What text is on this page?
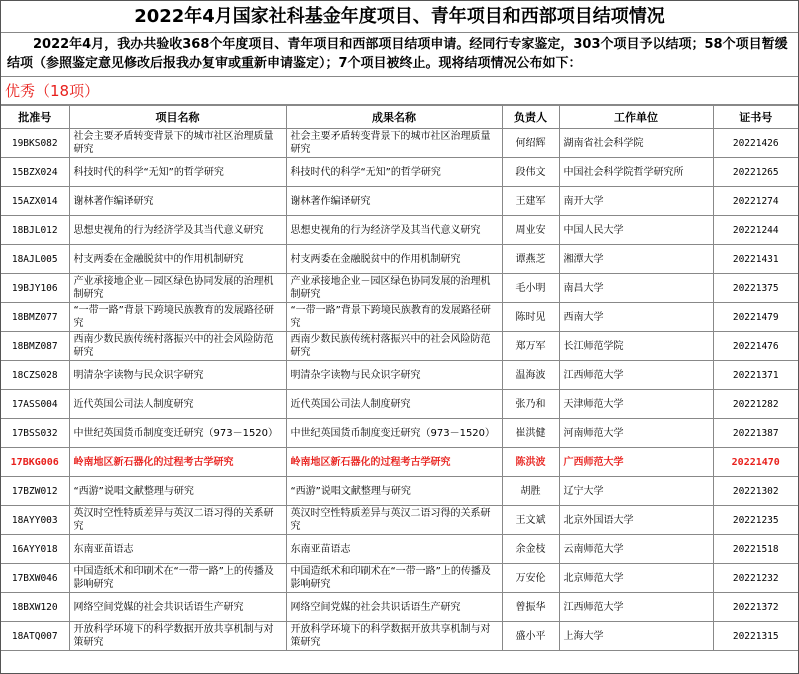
2022年4月国家社科基金年度项目、青年项目和西部项目结项情况
2022年4月，我办共验收368个年度项目、青年项目和西部项目结项申请。经同行专家鉴定，303个项目予以结项；58个项目暂缓结项（参照鉴定意见修改后报我办复审或重新申请鉴定）；7个项目被终止。现将结项情况公布如下：
优秀（18项）
批准号	项目名称	成果名称	负责人	工作单位	证书号
19BKS082	社会主要矛盾转变背景下的城市社区治理质量研究	社会主要矛盾转变背景下的城市社区治理质量研究	何绍辉	湖南省社会科学院	20221426
15BZX024	科技时代的科学“无知”的哲学研究	科技时代的科学“无知”的哲学研究	段伟文	中国社会科学院哲学研究所	20221265
15AZX014	谢林著作编译研究	谢林著作编译研究	王建军	南开大学	20221274
18BJL012	思想史视角的行为经济学及其当代意义研究	思想史视角的行为经济学及其当代意义研究	周业安	中国人民大学	20221244
18AJL005	村支两委在金融脱贫中的作用机制研究	村支两委在金融脱贫中的作用机制研究	谭燕芝	湘潭大学	20221431
19BJY106	产业承接地企业－园区绿色协同发展的治理机制研究	产业承接地企业－园区绿色协同发展的治理机制研究	毛小明	南昌大学	20221375
18BMZ077	“一带一路”背景下跨境民族教育的发展路径研究	“一带一路”背景下跨境民族教育的发展路径研究	陈时见	西南大学	20221479
18BMZ087	西南少数民族传统村落振兴中的社会风险防范研究	西南少数民族传统村落振兴中的社会风险防范研究	郑万军	长江师范学院	20221476
18CZS028	明清杂字读物与民众识字研究	明清杂字读物与民众识字研究	温海波	江西师范大学	20221371
17ASS004	近代英国公司法人制度研究	近代英国公司法人制度研究	张乃和	天津师范大学	20221282
17BSS032	中世纪英国货币制度变迁研究（973－1520）	中世纪英国货币制度变迁研究（973－1520）	崔洪健	河南师范大学	20221387
17BKG006	岭南地区新石器化的过程考古学研究	岭南地区新石器化的过程考古学研究	陈洪波	广西师范大学	20221470
17BZW012	“西游”说唱文献整理与研究	“西游”说唱文献整理与研究	胡胜	辽宁大学	20221302
18AYY003	英汉时空性特质差异与英汉二语习得的关系研究	英汉时空性特质差异与英汉二语习得的关系研究	王文斌	北京外国语大学	20221235
16AYY018	东南亚苗语志	东南亚苗语志	余金枝	云南师范大学	20221518
17BXW046	中国造纸术和印刷术在“一带一路”上的传播及影响研究	中国造纸术和印刷术在“一带一路”上的传播及影响研究	万安伦	北京师范大学	20221232
18BXW120	网络空间党媒的社会共识话语生产研究	网络空间党媒的社会共识话语生产研究	曾振华	江西师范大学	20221372
18ATQ007	开放科学环境下的科学数据开放共享机制与对策研究	开放科学环境下的科学数据开放共享机制与对策研究	盛小平	上海大学	20221315
